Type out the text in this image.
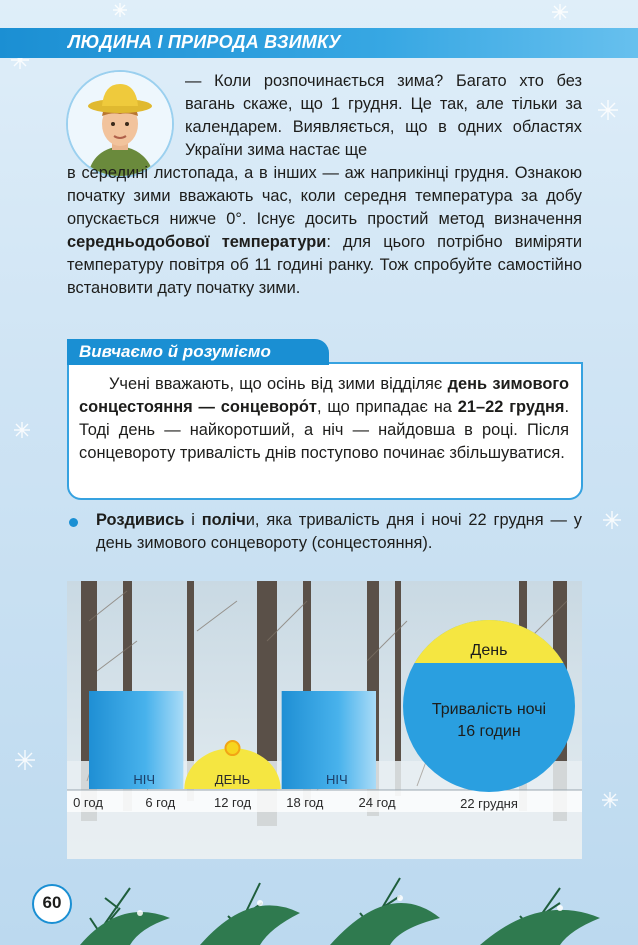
ЛЮДИНА І ПРИРОДА ВЗИМКУ
— Коли розпочинається зима? Багато хто без вагань скаже, що 1 грудня. Це так, але тільки за календарем. Виявляється, що в одних областях України зима настає ще
в середині листопада, а в інших — аж наприкінці грудня. Ознакою початку зими вважають час, коли середня температура за добу опускається нижче 0°. Існує досить простий метод визначення середньодобової температури: для цього потрібно виміряти температуру повітря об 11 годині ранку. Тож спробуйте самостійно встановити дату початку зими.
Вивчаємо й розуміємо
Учені вважають, що осінь від зими відділяє день зимового сонцестояння — сонцеворо́т, що припадає на 21–22 грудня. Тоді день — найкоротший, а ніч — найдовша в році. Після сонцевороту тривалість днів поступово починає збільшуватися.
Роздивись і полічи, яка тривалість дня і ночі 22 грудня — у день зимового сонцевороту (сонцестояння).
НІЧ	ДЕНЬ	НІЧ
0 год	6 год	12 год	18 год	24 год	22 грудня
День
Тривалість ночі
16 годин
60
